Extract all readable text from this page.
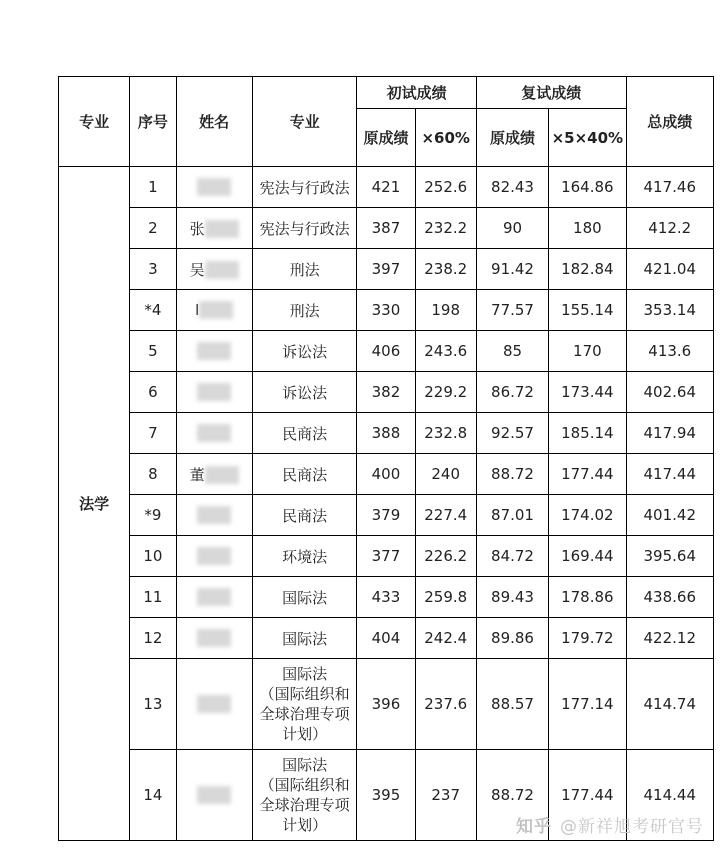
专业	序号	姓名	专业	初试成绩		复试成绩		总成绩
				原成绩	×60%	原成绩	×5×40%	
法学	1		宪法与行政法	421	252.6	82.43	164.86	417.46
	2	张	宪法与行政法	387	232.2	90	180	412.2
	3	吴	刑法	397	238.2	91.42	182.84	421.04
	*4	I	刑法	330	198	77.57	155.14	353.14
	5		诉讼法	406	243.6	85	170	413.6
	6		诉讼法	382	229.2	86.72	173.44	402.64
	7		民商法	388	232.8	92.57	185.14	417.94
	8	董	民商法	400	240	88.72	177.44	417.44
	*9		民商法	379	227.4	87.01	174.02	401.42
	10		环境法	377	226.2	84.72	169.44	395.64
	11		国际法	433	259.8	89.43	178.86	438.66
	12		国际法	404	242.4	89.86	179.72	422.12
	13		国际法
（国际组织和
全球治理专项
计划）	396	237.6	88.57	177.14	414.74
	14		国际法
（国际组织和
全球治理专项
计划）	395	237	88.72	177.44	414.44
知乎 @新祥旭考研官号
